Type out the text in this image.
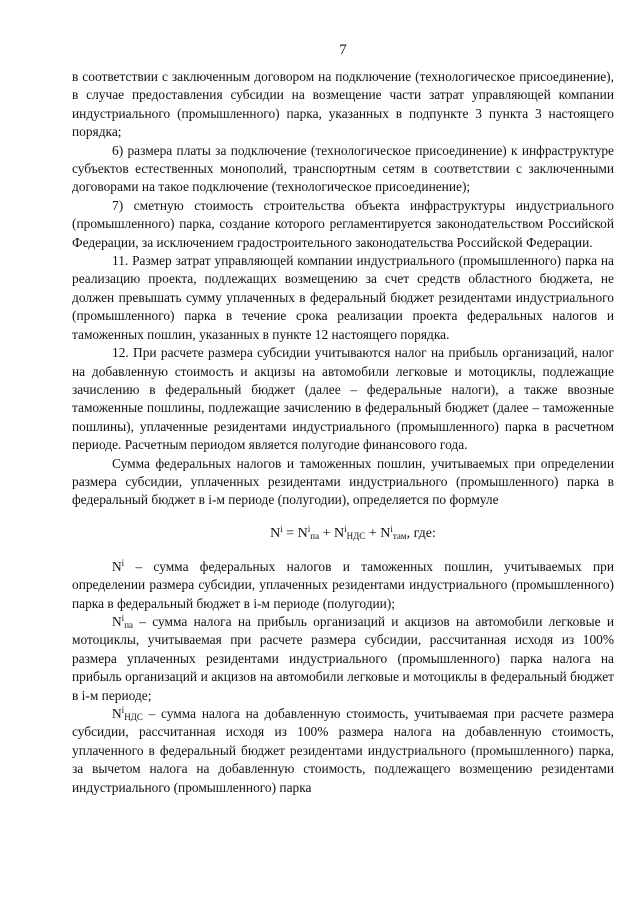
7

в соответствии с заключенным договором на подключение (технологическое присоединение), в случае предоставления субсидии на возмещение части затрат управляющей компании индустриального (промышленного) парка, указанных в подпункте 3 пункта 3 настоящего порядка;

6) размера платы за подключение (технологическое присоединение) к инфраструктуре субъектов естественных монополий, транспортным сетям в соответствии с заключенными договорами на такое подключение (технологическое присоединение);

7) сметную стоимость строительства объекта инфраструктуры индустриального (промышленного) парка, создание которого регламентируется законодательством Российской Федерации, за исключением градостроительного законодательства Российской Федерации.

11. Размер затрат управляющей компании индустриального (промышленного) парка на реализацию проекта, подлежащих возмещению за счет средств областного бюджета, не должен превышать сумму уплаченных в федеральный бюджет резидентами индустриального (промышленного) парка в течение срока реализации проекта федеральных налогов и таможенных пошлин, указанных в пункте 12 настоящего порядка.

12. При расчете размера субсидии учитываются налог на прибыль организаций, налог на добавленную стоимость и акцизы на автомобили легковые и мотоциклы, подлежащие зачислению в федеральный бюджет (далее – федеральные налоги), а также ввозные таможенные пошлины, подлежащие зачислению в федеральный бюджет (далее – таможенные пошлины), уплаченные резидентами индустриального (промышленного) парка в расчетном периоде. Расчетным периодом является полугодие финансового года.

Сумма федеральных налогов и таможенных пошлин, учитываемых при определении размера субсидии, уплаченных резидентами индустриального (промышленного) парка в федеральный бюджет в i-м периоде (полугодии), определяется по формуле

$N^i = N^i_{па} + N^i_{НДС} + N^i_{там}$, где:

$N^i$ – сумма федеральных налогов и таможенных пошлин, учитываемых при определении размера субсидии, уплаченных резидентами индустриального (промышленного) парка в федеральный бюджет в i-м периоде (полугодии);

$N^i_{па}$ – сумма налога на прибыль организаций и акцизов на автомобили легковые и мотоциклы, учитываемая при расчете размера субсидии, рассчитанная исходя из 100% размера уплаченных резидентами индустриального (промышленного) парка налога на прибыль организаций и акцизов на автомобили легковые и мотоциклы в федеральный бюджет в i-м периоде;

$N^i_{НДС}$ – сумма налога на добавленную стоимость, учитываемая при расчете размера субсидии, рассчитанная исходя из 100% размера налога на добавленную стоимость, уплаченного в федеральный бюджет резидентами индустриального (промышленного) парка, за вычетом налога на добавленную стоимость, подлежащего возмещению резидентами индустриального (промышленного) парка
